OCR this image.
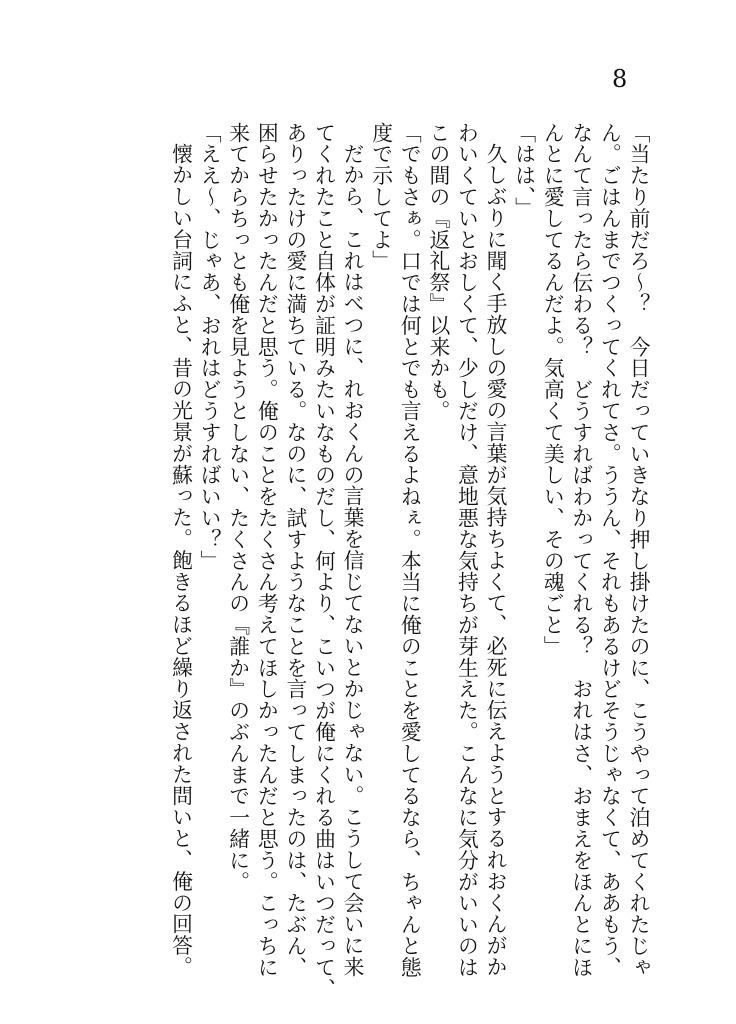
8
「当たり前だろ〜？　今日だっていきなり押し掛けたのに、こうやって泊めてくれたじゃ
ん。ごはんまでつくってくれてさ。ううん、それもあるけどそうじゃなくて、ああもう、
なんて言ったら伝わる？　どうすればわかってくれる？　おれはさ、おまえをほんとにほ
んとに愛してるんだよ。気高くて美しい、その魂ごと」
「はは、」
久しぶりに聞く手放しの愛の言葉が気持ちよくて、必死に伝えようとするれおくんがか
わいくていとおしくて、少しだけ、意地悪な気持ちが芽生えた。こんなに気分がいいのは
この間の『返礼祭』以来かも。
「でもさぁ。口では何とでも言えるよねぇ。本当に俺のことを愛してるなら、ちゃんと態
度で示してよ」
だから、これはべつに、れおくんの言葉を信じてないとかじゃない。こうして会いに来
てくれたこと自体が証明みたいなものだし、何より、こいつが俺にくれる曲はいつだって、
ありったけの愛に満ちている。なのに、試すようなことを言ってしまったのは、たぶん、
困らせたかったんだと思う。俺のことをたくさん考えてほしかったんだと思う。こっちに
来てからちっとも俺を見ようとしない、たくさんの『誰か』のぶんまで一緒に。
「ええ〜、じゃあ、おれはどうすればいい？」
懐かしい台詞にふと、昔の光景が蘇った。飽きるほど繰り返された問いと、俺の回答。
